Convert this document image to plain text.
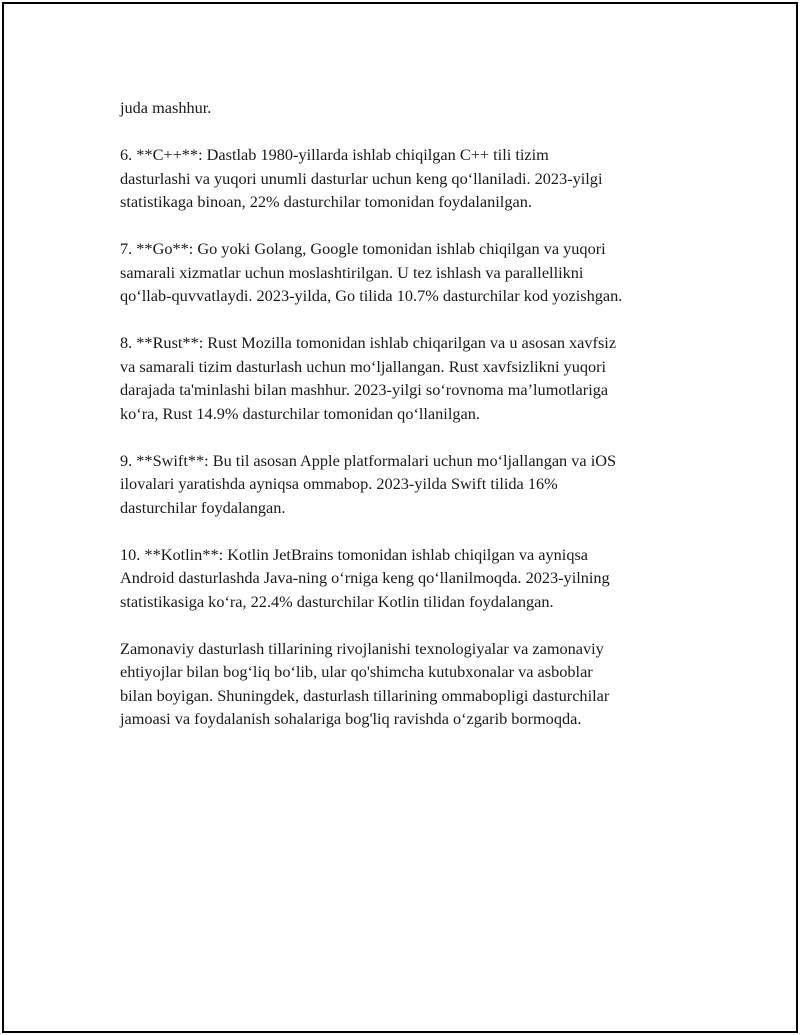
juda mashhur.

6. **C++**: Dastlab 1980-yillarda ishlab chiqilgan C++ tili tizim
dasturlashi va yuqori unumli dasturlar uchun keng qo‘llaniladi. 2023-yilgi
statistikaga binoan, 22% dasturchilar tomonidan foydalanilgan.

7. **Go**: Go yoki Golang, Google tomonidan ishlab chiqilgan va yuqori
samarali xizmatlar uchun moslashtirilgan. U tez ishlash va parallellikni
qo‘llab-quvvatlaydi. 2023-yilda, Go tilida 10.7% dasturchilar kod yozishgan.

8. **Rust**: Rust Mozilla tomonidan ishlab chiqarilgan va u asosan xavfsiz
va samarali tizim dasturlash uchun mo‘ljallangan. Rust xavfsizlikni yuqori
darajada ta'minlashi bilan mashhur. 2023-yilgi so‘rovnoma ma’lumotlariga
ko‘ra, Rust 14.9% dasturchilar tomonidan qo‘llanilgan.

9. **Swift**: Bu til asosan Apple platformalari uchun mo‘ljallangan va iOS
ilovalari yaratishda ayniqsa ommabop. 2023-yilda Swift tilida 16%
dasturchilar foydalangan.

10. **Kotlin**: Kotlin JetBrains tomonidan ishlab chiqilgan va ayniqsa
Android dasturlashda Java-ning o‘rniga keng qo‘llanilmoqda. 2023-yilning
statistikasiga ko‘ra, 22.4% dasturchilar Kotlin tilidan foydalangan.

Zamonaviy dasturlash tillarining rivojlanishi texnologiyalar va zamonaviy
ehtiyojlar bilan bog‘liq bo‘lib, ular qo'shimcha kutubxonalar va asboblar
bilan boyigan. Shuningdek, dasturlash tillarining ommabopligi dasturchilar
jamoasi va foydalanish sohalariga bog'liq ravishda o‘zgarib bormoqda.
